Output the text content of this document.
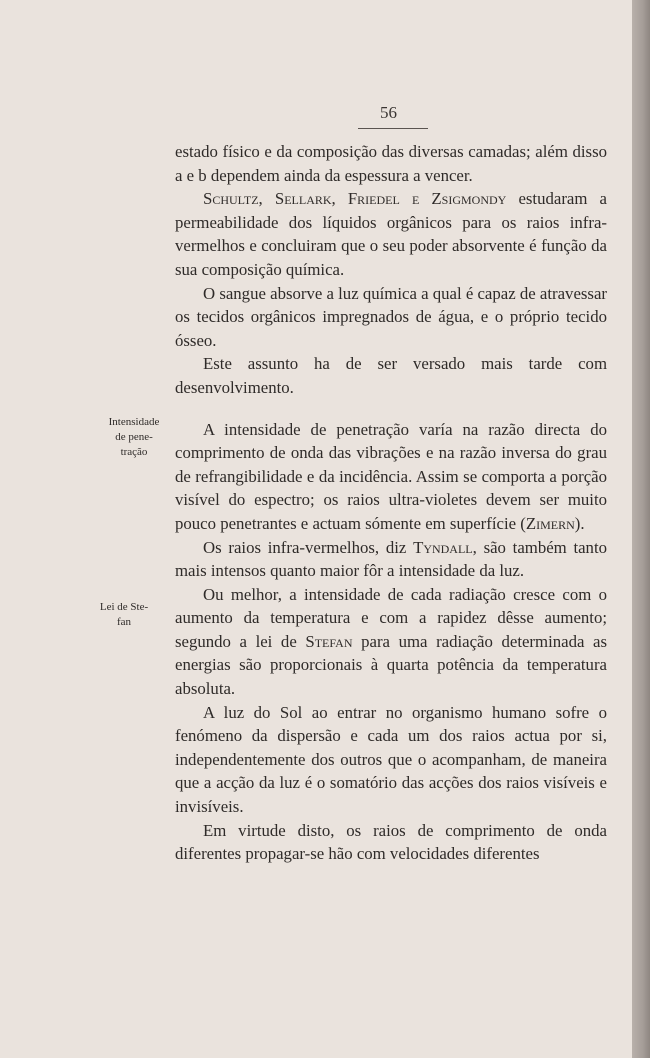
56
Intensidade
de pene-
tração
Lei de Ste-
fan

estado físico e da composição das diversas camadas; além disso a e b dependem ainda da espessura a vencer.

Schultz, Sellark, Friedel e Zsigmondy estudaram a permeabilidade dos líquidos orgânicos para os raios infra-vermelhos e concluiram que o seu poder absorvente é função da sua composição química.

O sangue absorve a luz química a qual é capaz de atravessar os tecidos orgânicos impregnados de água, e o próprio tecido ósseo.

Este assunto ha de ser versado mais tarde com desenvolvimento.

A intensidade de penetração varía na razão directa do comprimento de onda das vibrações e na razão inversa do grau de refrangibilidade e da incidência. Assim se comporta a porção visível do espectro; os raios ultra-violetes devem ser muito pouco penetrantes e actuam sómente em superfície (Zimern).

Os raios infra-vermelhos, diz Tyndall, são também tanto mais intensos quanto maior fôr a intensidade da luz.

Ou melhor, a intensidade de cada radiação cresce com o aumento da temperatura e com a rapidez dêsse aumento; segundo a lei de Stefan para uma radiação determinada as energias são proporcionais à quarta potência da temperatura absoluta.

A luz do Sol ao entrar no organismo humano sofre o fenómeno da dispersão e cada um dos raios actua por si, independentemente dos outros que o acompanham, de maneira que a acção da luz é o somatório das acções dos raios visíveis e invisíveis.

Em virtude disto, os raios de comprimento de onda diferentes propagar-se hão com velocidades diferentes
